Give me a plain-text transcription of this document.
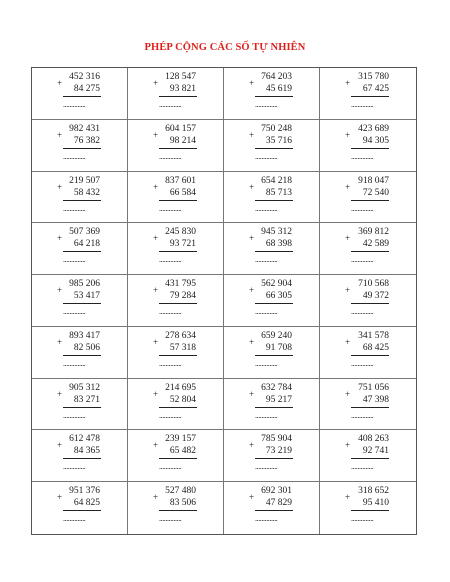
PHÉP CỘNG CÁC SỐ TỰ NHIÊN
452 316
+
84 275
..............
128 547
+
93 821
..............
764 203
+
45 619
..............
315 780
+
67 425
..............
982 431
+
76 382
..............
604 157
+
98 214
..............
750 248
+
35 716
..............
423 689
+
94 305
..............
219 507
+
58 432
..............
837 601
+
66 584
..............
654 218
+
85 713
..............
918 047
+
72 540
..............
507 369
+
64 218
..............
245 830
+
93 721
..............
945 312
+
68 398
..............
369 812
+
42 589
..............
985 206
+
53 417
..............
431 795
+
79 284
..............
562 904
+
66 305
..............
710 568
+
49 372
..............
893 417
+
82 506
..............
278 634
+
57 318
..............
659 240
+
91 708
..............
341 578
+
68 425
..............
905 312
+
83 271
..............
214 695
+
52 804
..............
632 784
+
95 217
..............
751 056
+
47 398
..............
612 478
+
84 365
..............
239 157
+
65 482
..............
785 904
+
73 219
..............
408 263
+
92 741
..............
951 376
+
64 825
..............
527 480
+
83 506
..............
692 301
+
47 829
..............
318 652
+
95 410
..............
